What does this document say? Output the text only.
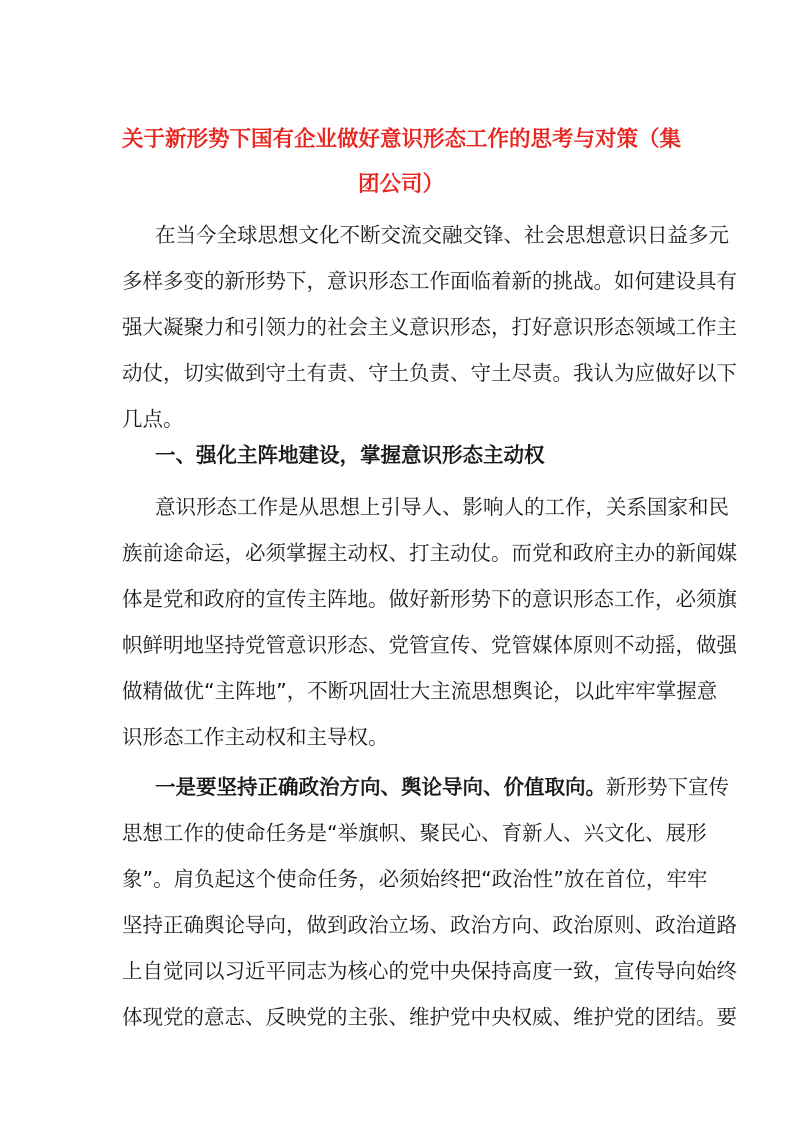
关于新形势下国有企业做好意识形态工作的思考与对策（集
团公司）
在当今全球思想文化不断交流交融交锋、社会思想意识日益多元
多样多变的新形势下，意识形态工作面临着新的挑战。如何建设具有
强大凝聚力和引领力的社会主义意识形态，打好意识形态领域工作主
动仗，切实做到守土有责、守土负责、守土尽责。我认为应做好以下
几点。
一、强化主阵地建设，掌握意识形态主动权
意识形态工作是从思想上引导人、影响人的工作，关系国家和民
族前途命运，必须掌握主动权、打主动仗。而党和政府主办的新闻媒
体是党和政府的宣传主阵地。做好新形势下的意识形态工作，必须旗
帜鲜明地坚持党管意识形态、党管宣传、党管媒体原则不动摇，做强
做精做优“主阵地”，不断巩固壮大主流思想舆论，以此牢牢掌握意
识形态工作主动权和主导权。
一是要坚持正确政治方向、舆论导向、价值取向。新形势下宣传
思想工作的使命任务是“举旗帜、聚民心、育新人、兴文化、展形
象”。肩负起这个使命任务，必须始终把“政治性”放在首位，牢牢
坚持正确舆论导向，做到政治立场、政治方向、政治原则、政治道路
上自觉同以习近平同志为核心的党中央保持高度一致，宣传导向始终
体现党的意志、反映党的主张、维护党中央权威、维护党的团结。要
